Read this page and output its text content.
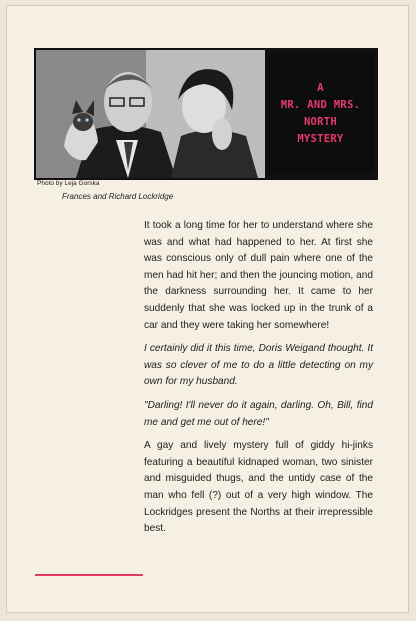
A
MR. AND MRS.
NORTH
MYSTERY
Photo by Leja Gorska
Frances and Richard Lockridge

It took a long time for her to understand where she was and what had happened to her. At first she was conscious only of dull pain where one of the men had hit her; and then the jouncing motion, and the darkness surrounding her. It came to her suddenly that she was locked up in the trunk of a car and they were taking her somewhere!

I certainly did it this time, Doris Weigand thought. It was so clever of me to do a little detecting on my own for my husband.

"Darling! I'll never do it again, darling. Oh, Bill, find me and get me out of here!"

A gay and lively mystery full of giddy hi-jinks featuring a beautiful kidnaped woman, two sinister and misguided thugs, and the untidy case of the man who fell (?) out of a very high window. The Lockridges present the Norths at their irrepressible best.
